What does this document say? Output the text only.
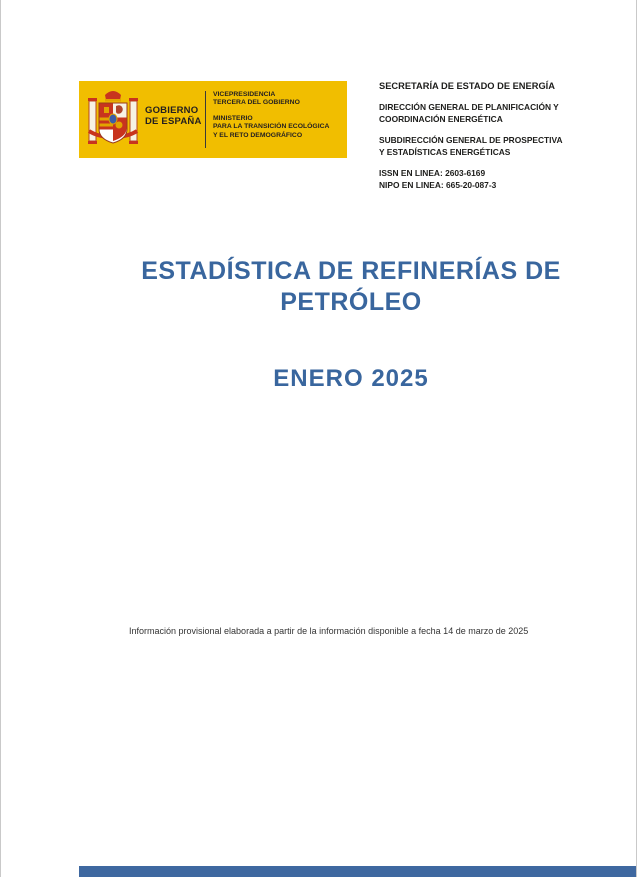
GOBIERNO
DE ESPAÑA
VICEPRESIDENCIA
TERCERA DEL GOBIERNO
MINISTERIO
PARA LA TRANSICIÓN ECOLÓGICA
Y EL RETO DEMOGRÁFICO
SECRETARÍA DE ESTADO DE ENERGÍA
DIRECCIÓN GENERAL DE PLANIFICACIÓN Y
COORDINACIÓN ENERGÉTICA
SUBDIRECCIÓN GENERAL DE PROSPECTIVA
Y ESTADÍSTICAS ENERGÉTICAS
ISSN EN LINEA: 2603-6169
NIPO EN LINEA: 665-20-087-3
ESTADÍSTICA DE REFINERÍAS DE
PETRÓLEO
ENERO 2025
Información provisional elaborada a partir de la información disponible a fecha 14 de marzo de 2025
